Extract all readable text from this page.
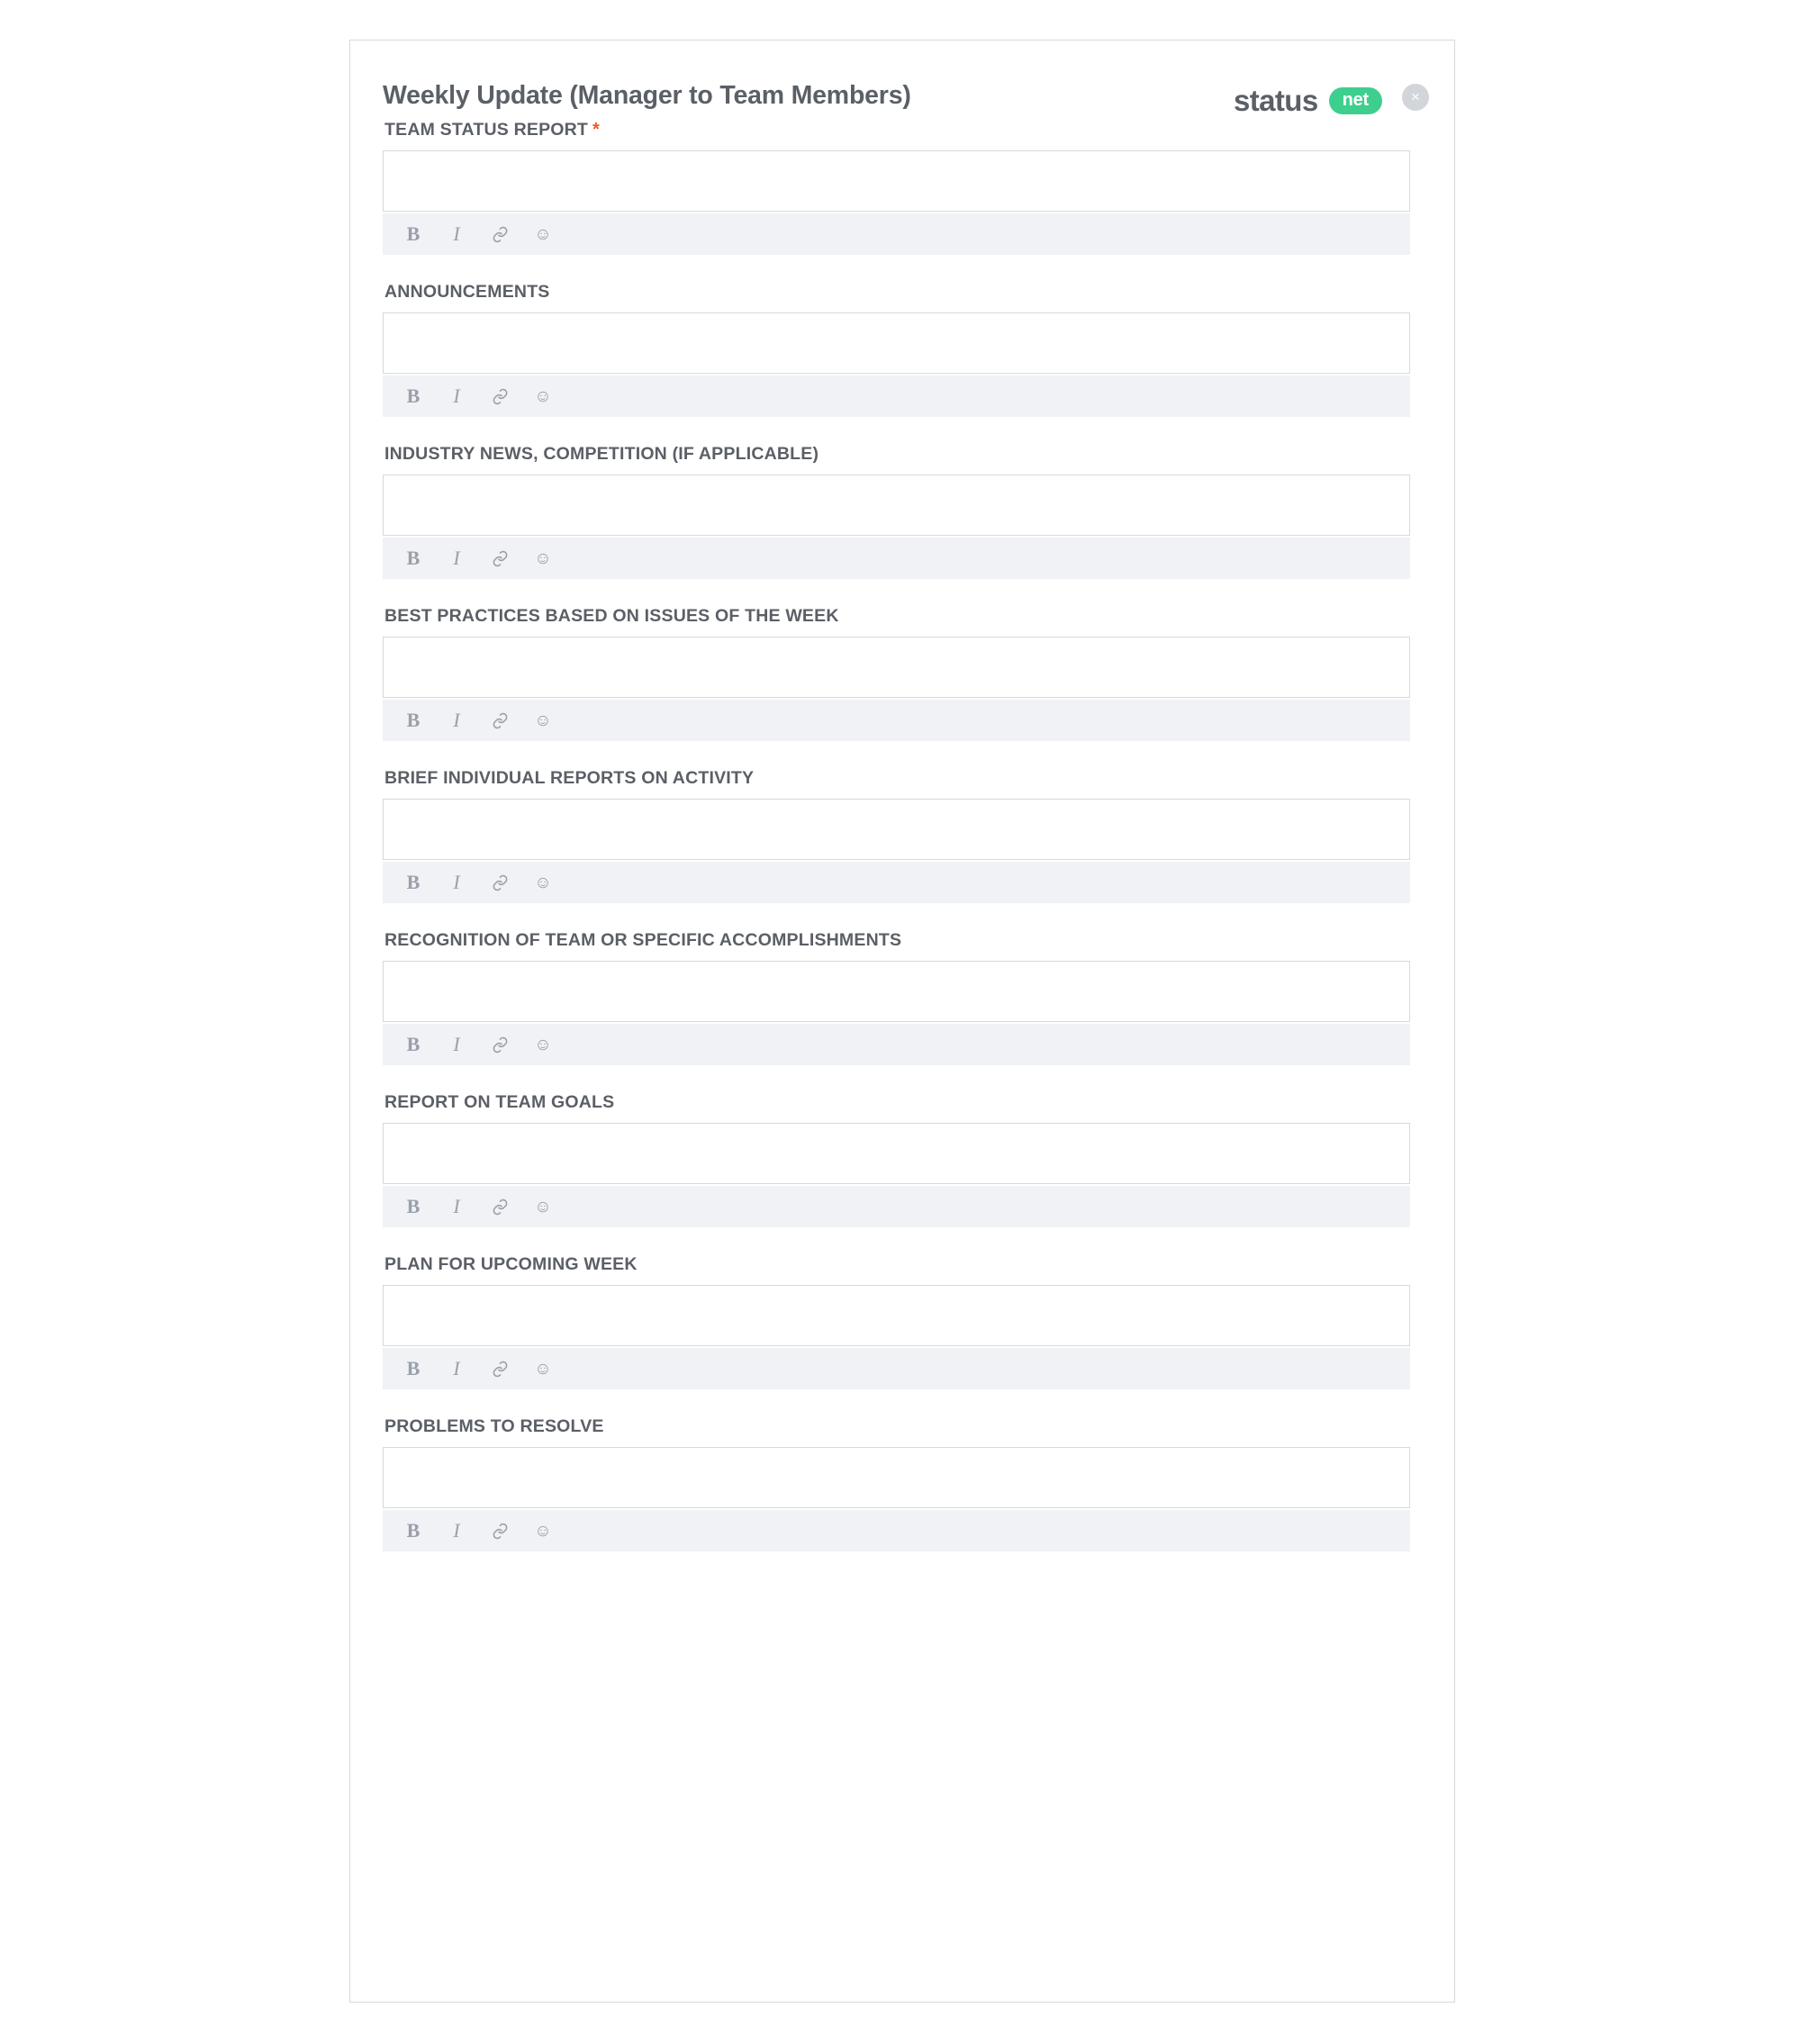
Weekly Update (Manager to Team Members)	status	net	×
TEAM STATUS REPORT *
B	I	☺
ANNOUNCEMENTS
B	I	☺
INDUSTRY NEWS, COMPETITION (IF APPLICABLE)
B	I	☺
BEST PRACTICES BASED ON ISSUES OF THE WEEK
B	I	☺
BRIEF INDIVIDUAL REPORTS ON ACTIVITY
B	I	☺
RECOGNITION OF TEAM OR SPECIFIC ACCOMPLISHMENTS
B	I	☺
REPORT ON TEAM GOALS
B	I	☺
PLAN FOR UPCOMING WEEK
B	I	☺
PROBLEMS TO RESOLVE
B	I	☺
